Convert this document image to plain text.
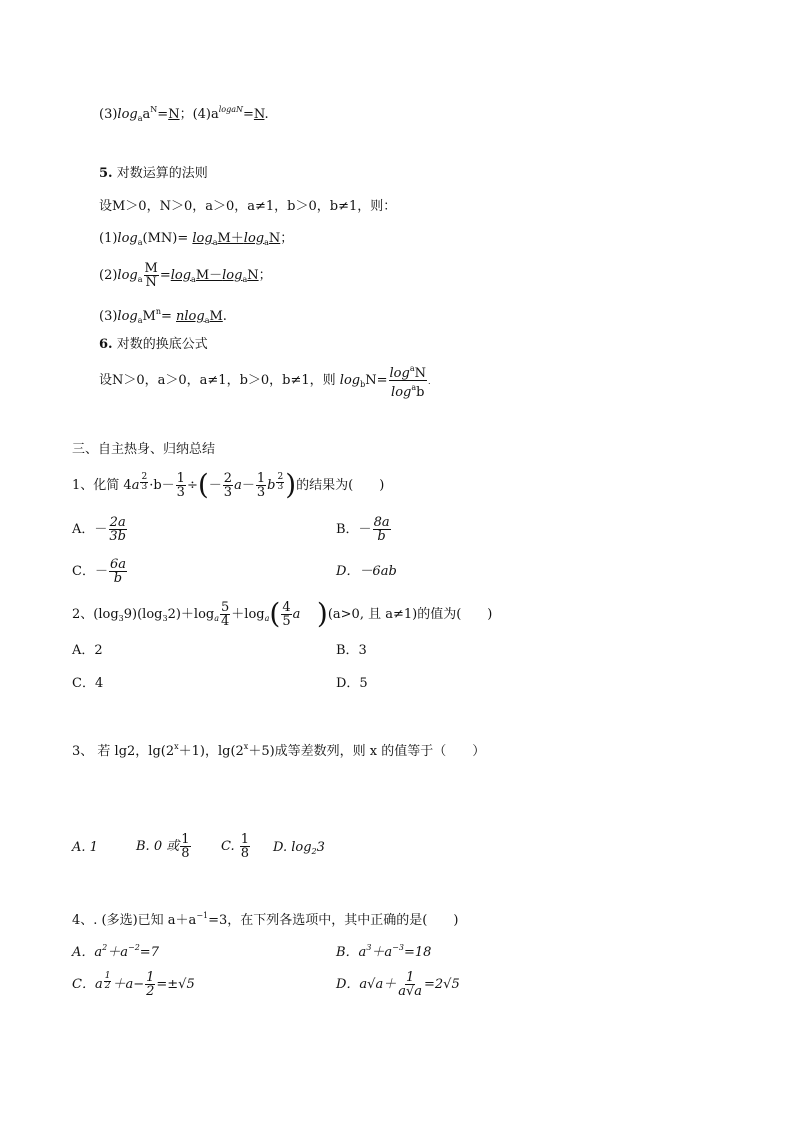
$(3)\log_aa^N=N$；$(4)a^{logaN}=N$.
5. 对数运算的法则
设M＞0，N＞0，a＞0，a≠1，b＞0，b≠1，则：
$(1)\log_a(MN)= \log_aM+\log_aN$；
$(2)\log_a \frac{M}{N} =\log_aM-\log_aN$；
$(3)\log_aM^n= nlog_aM$.
6. 对数的换底公式
设N＞0，a＞0，a≠1，b＞0，b≠1，则 $\log_bN= \frac{\log^aN}{\log^ab}$ .
三、自主热身、归纳总结
1、化简 $4a \frac{2}{3} \cdot b- \frac{1}{3}$ ÷(－ $\frac{2}{3} a- \frac{1}{3}$ b $\frac{2}{3}$ )的结果为(　　)
A．－ $\frac{2a}{3b}$	B．－ $\frac{8a}{b}$
C．－ $\frac{6a}{b}$	D．－6ab
2、$(\log_39)(\log_32)+\log_a \frac{5}{4} +\log_a( \frac{4}{5}$ a )(a>0, 且 a≠1)的值为(　　)
A．2	B．3
C．4	D．5
3、 若 lg2，$\lg(2^x+1)$，$\lg(2^x+5)$成等差数列，则 x 的值等于（　　）
A. 1	B. 0 或 $\frac{1}{8} C$. $\frac{1}{8} D$. $\log_23$
4、. (多选)已知 $a+a^{-1}=3$，在下列各选项中，其中正确的是(　　)
A．$a^2+a^{-2}=7$	B．$a^3+a^{-3}=18$
C．a $\frac{1}{2} +a- \frac{1}{2} =\pm√5$	D．$a√a+ \frac{1}{a√a} =2√5$
